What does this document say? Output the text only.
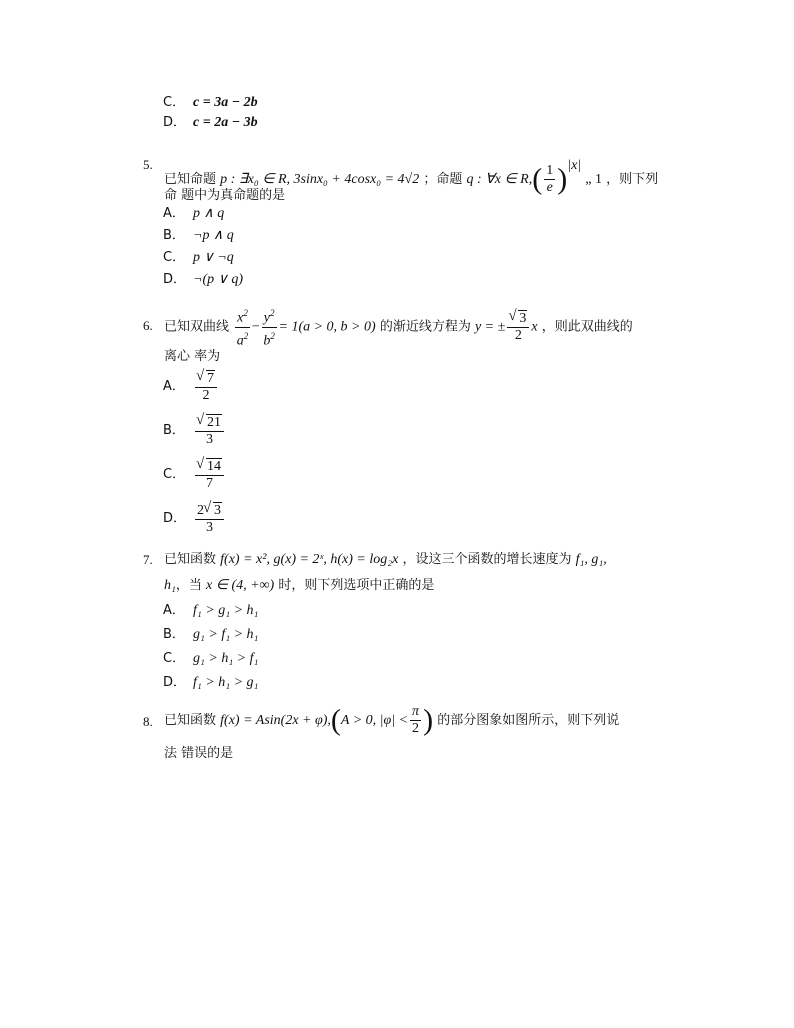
C． c = 3a − 2b
D． c = 2a − 3b
5.
已知命题 p : ∃x₀ ∈ R, 3sinx₀ + 4cosx₀ = 4√2 ；命题 q : ∀x ∈ $R,( \frac{1}{e} )^{|x|}$ „ 1 ，则下列
命 题中为真命题的是
A． p ∧ q
B． ¬p ∧ q
C． p ∨ ¬q
D． ¬(p ∨ q)
6. 已知双曲线 $\frac{x^2}{a^2} - \frac{y^2}{b^2} = 1(a > 0$, b > 0) 的渐近线方程为 y = ± √ $\frac{3}{2}$ x ，则此双曲线的
离心 率为
A． √ $\frac{7}{2}$
B． √ $\frac{21}{3}$
C． √ $\frac{14}{7}$
D． $\frac{2 √ 3}{3}$
7. 已知函数 f(x) = x², g(x) = 2ˣ, h(x) = log₂x ，设这三个函数的增长速度为 f₁, g₁,
h₁，当 x ∈ (4, +∞) 时，则下列选项中正确的是
A． f₁ > g₁ > h₁
B． g₁ > f₁ > h₁
C． g₁ > h₁ > f₁
D． f₁ > h₁ > g₁
8. 已知函数 f(x) = Asin(2x + φ),(A > 0, $|\varphi| < \frac{\pi}{2}$ ) 的部分图象如图所示，则下列说
法 错误的是
